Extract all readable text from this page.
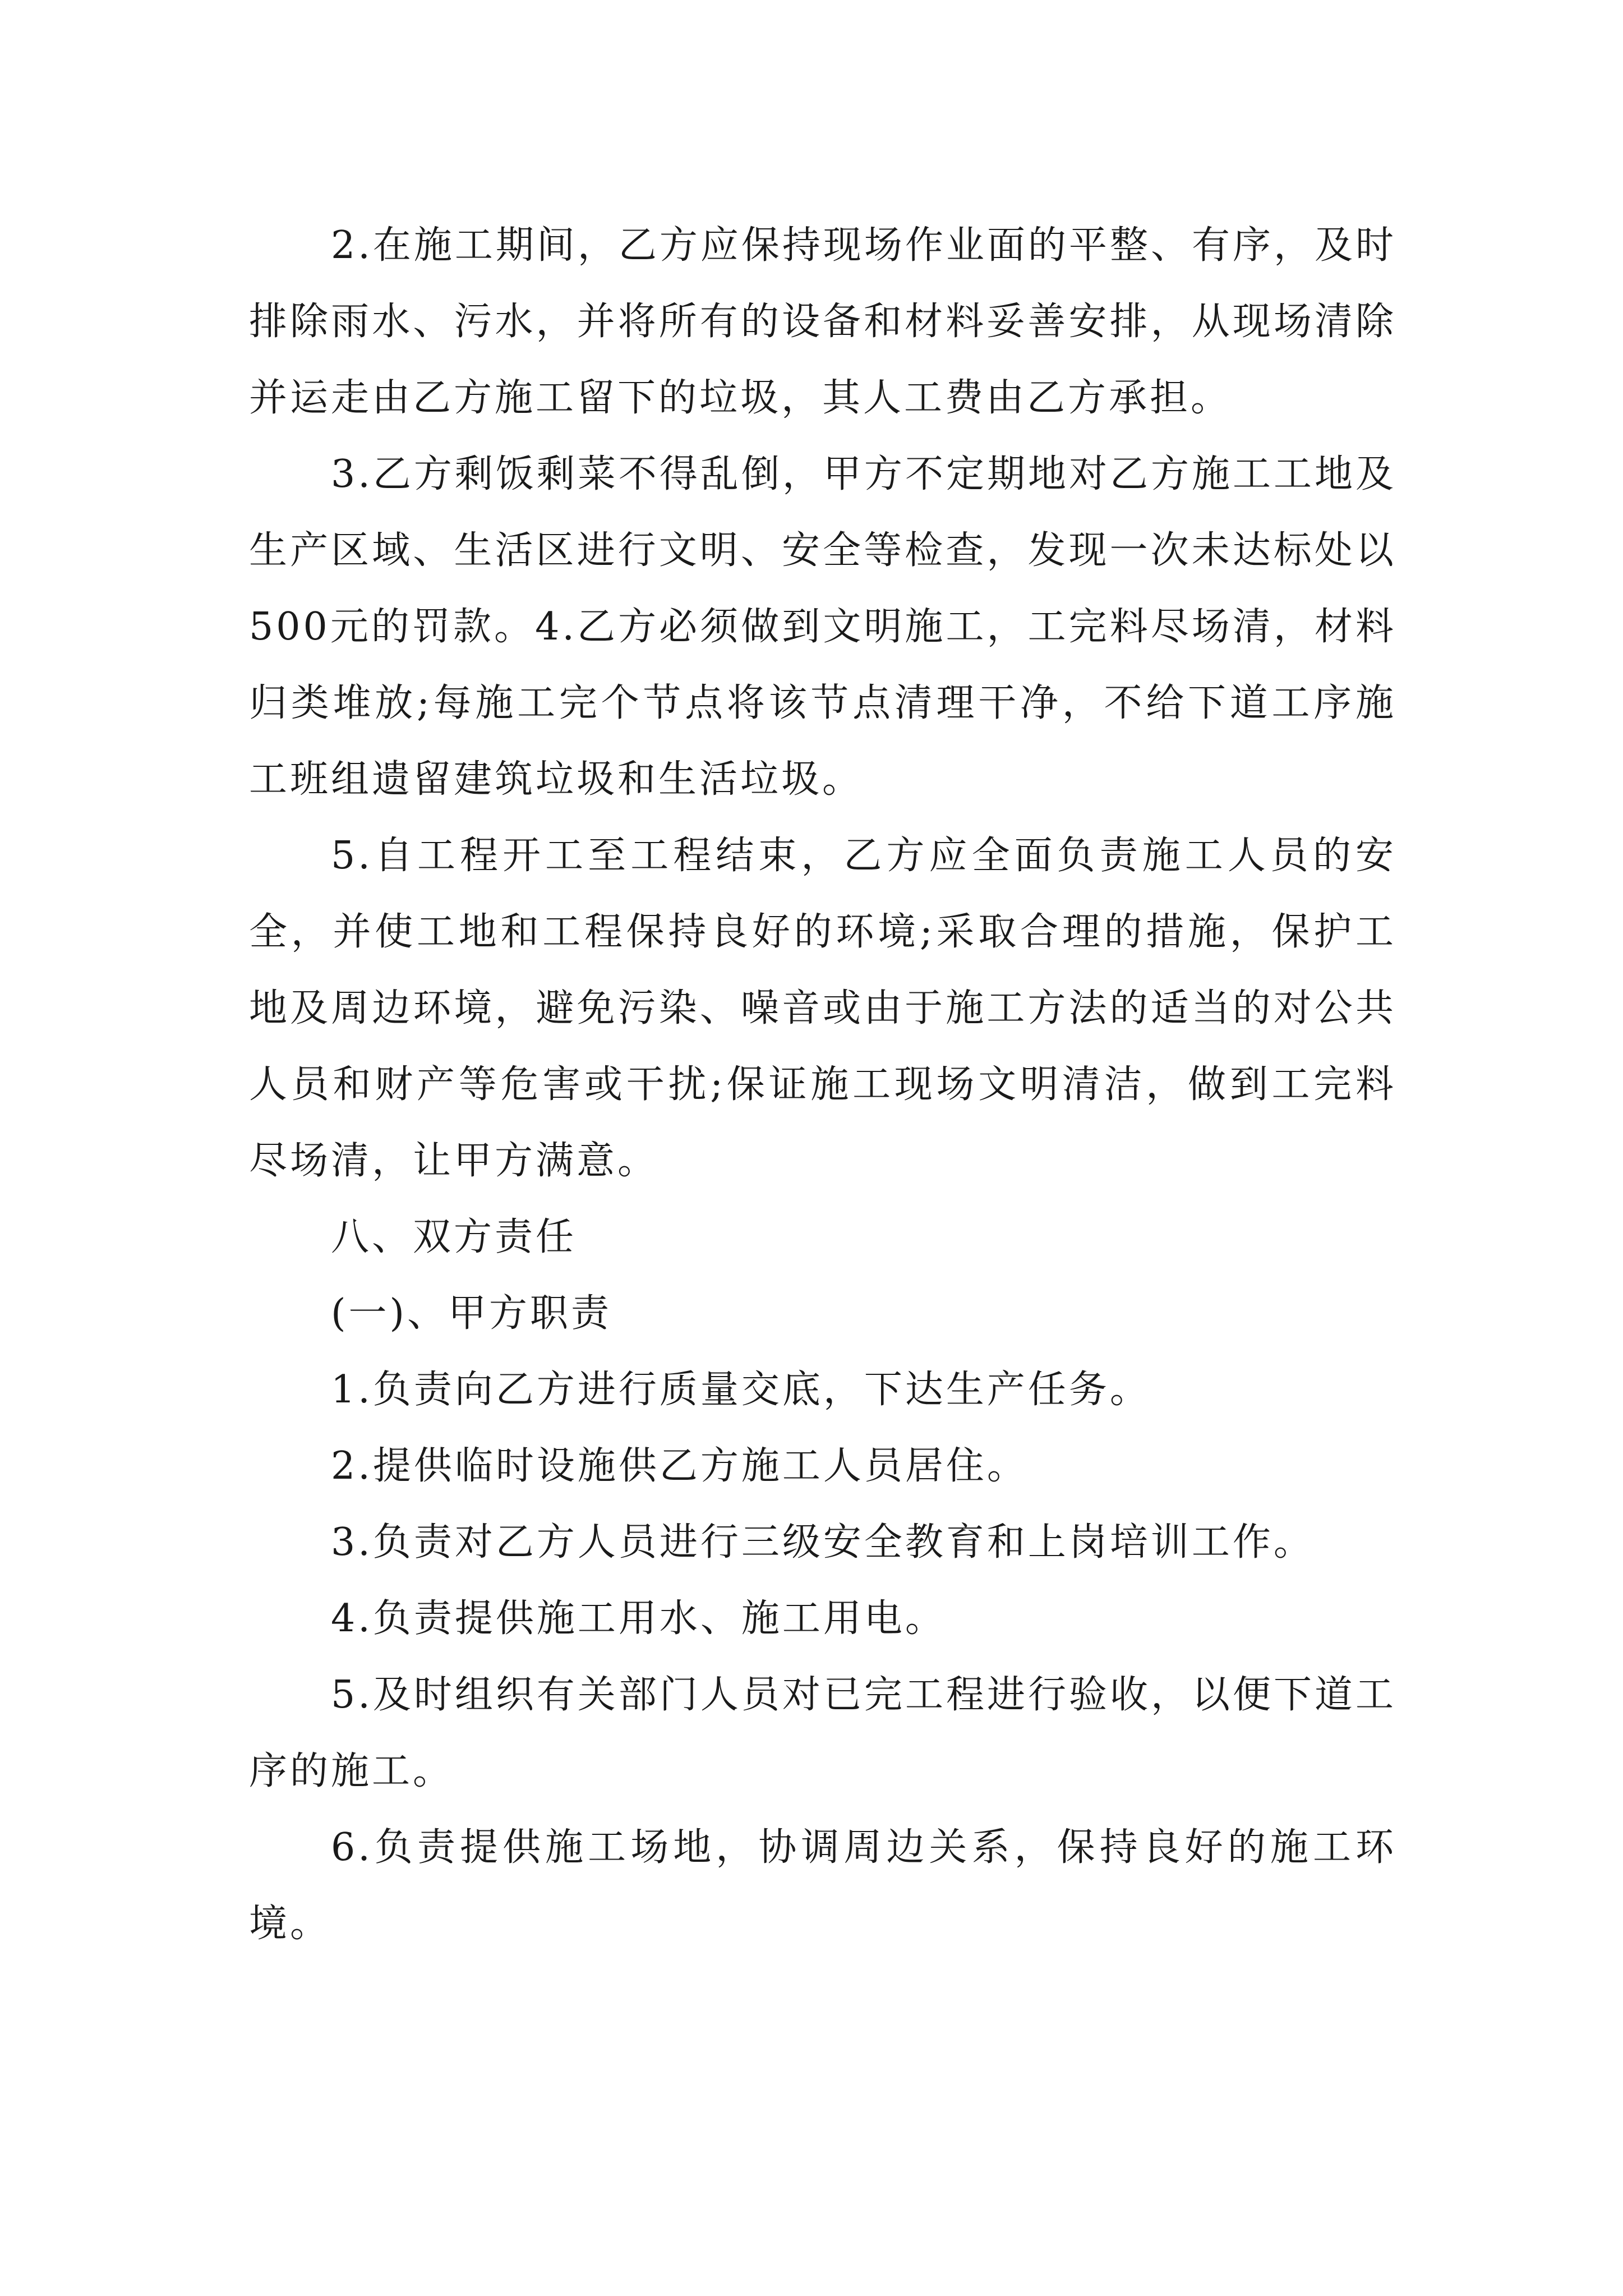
2.在施工期间，乙方应保持现场作业面的平整、有序，及时排除雨水、污水，并将所有的设备和材料妥善安排，从现场清除并运走由乙方施工留下的垃圾，其人工费由乙方承担。

3.乙方剩饭剩菜不得乱倒，甲方不定期地对乙方施工工地及生产区域、生活区进行文明、安全等检查，发现一次未达标处以500元的罚款。4.乙方必须做到文明施工，工完料尽场清，材料归类堆放;每施工完个节点将该节点清理干净，不给下道工序施工班组遗留建筑垃圾和生活垃圾。

5.自工程开工至工程结束，乙方应全面负责施工人员的安全，并使工地和工程保持良好的环境;采取合理的措施，保护工地及周边环境，避免污染、噪音或由于施工方法的适当的对公共人员和财产等危害或干扰;保证施工现场文明清洁，做到工完料尽场清，让甲方满意。

八、双方责任

(一)、甲方职责

1.负责向乙方进行质量交底，下达生产任务。

2.提供临时设施供乙方施工人员居住。

3.负责对乙方人员进行三级安全教育和上岗培训工作。

4.负责提供施工用水、施工用电。

5.及时组织有关部门人员对已完工程进行验收，以便下道工序的施工。

6.负责提供施工场地，协调周边关系，保持良好的施工环境。
